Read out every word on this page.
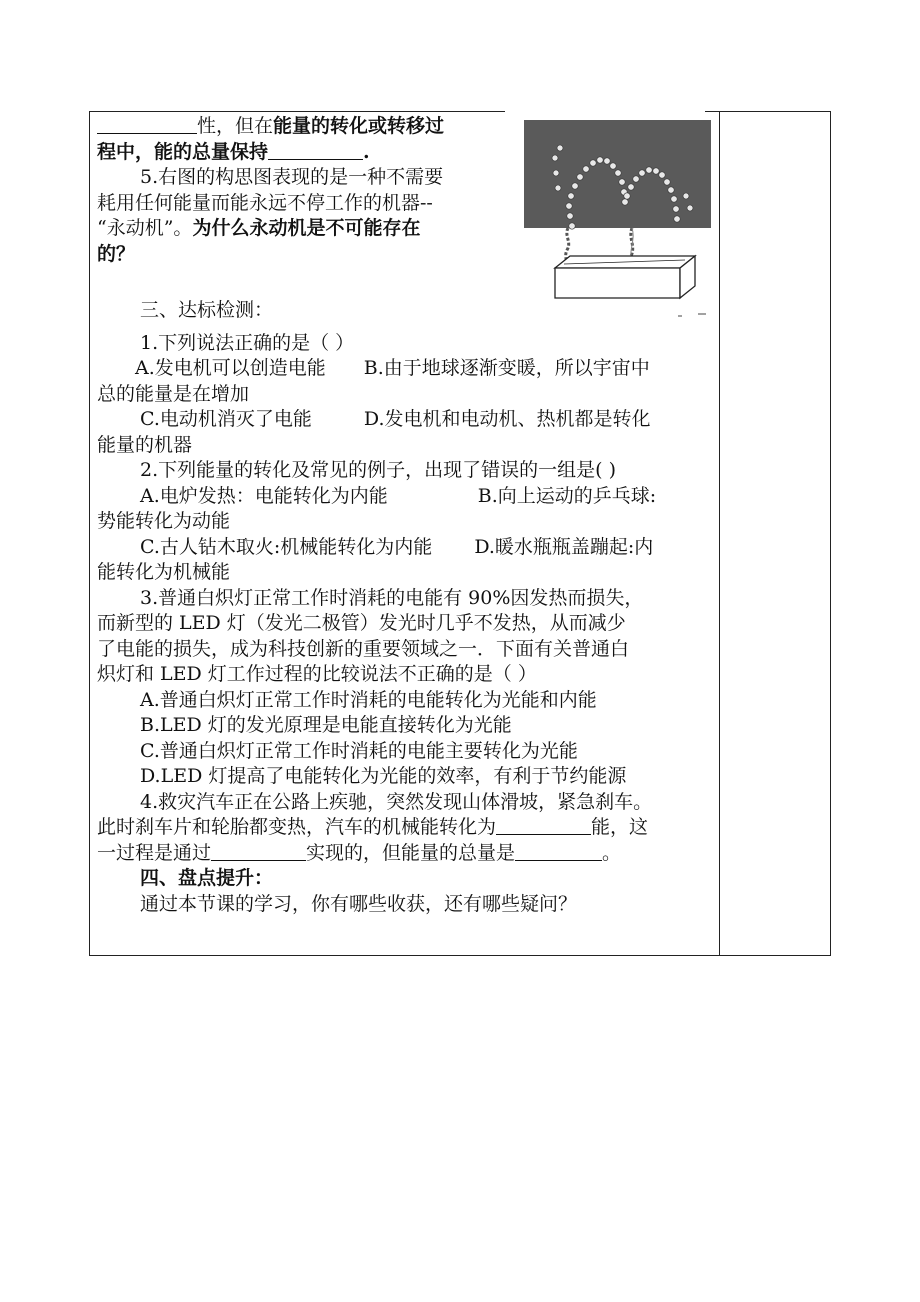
性，但在能量的转化或转移过

程中，能的总量保持	.

5.右图的构思图表现的是一种不需要

耗用任何能量而能永远不停工作的机器--

“永动机”。为什么永动机是不可能存在

的？

三、达标检测：

1.下列说法正确的是（ ）

A.发电机可以创造电能 B.由于地球逐渐变暖，所以宇宙中

总的能量是在增加

C.电动机消灭了电能	D.发电机和电动机、热机都是转化

能量的机器

2.下列能量的转化及常见的例子，出现了错误的一组是( )

A.电炉发热：电能转化为内能	B.向上运动的乒乓球:

势能转化为动能

C.古人钻木取火:机械能转化为内能 D.暖水瓶瓶盖蹦起:内

能转化为机械能

3.普通白炽灯正常工作时消耗的电能有 90%因发热而损失，

而新型的 LED 灯（发光二极管）发光时几乎不发热，从而减少

了电能的损失，成为科技创新的重要领域之一．下面有关普通白

炽灯和 LED 灯工作过程的比较说法不正确的是（ ）

A.普通白炽灯正常工作时消耗的电能转化为光能和内能

B.LED 灯的发光原理是电能直接转化为光能

C.普通白炽灯正常工作时消耗的电能主要转化为光能

D.LED 灯提高了电能转化为光能的效率，有利于节约能源

4.救灾汽车正在公路上疾驰，突然发现山体滑坡，紧急刹车。

此时刹车片和轮胎都变热，汽车的机械能转化为	能，这

一过程是通过	实现的，但能量的总量是	。

四、盘点提升：

通过本节课的学习，你有哪些收获，还有哪些疑问？
